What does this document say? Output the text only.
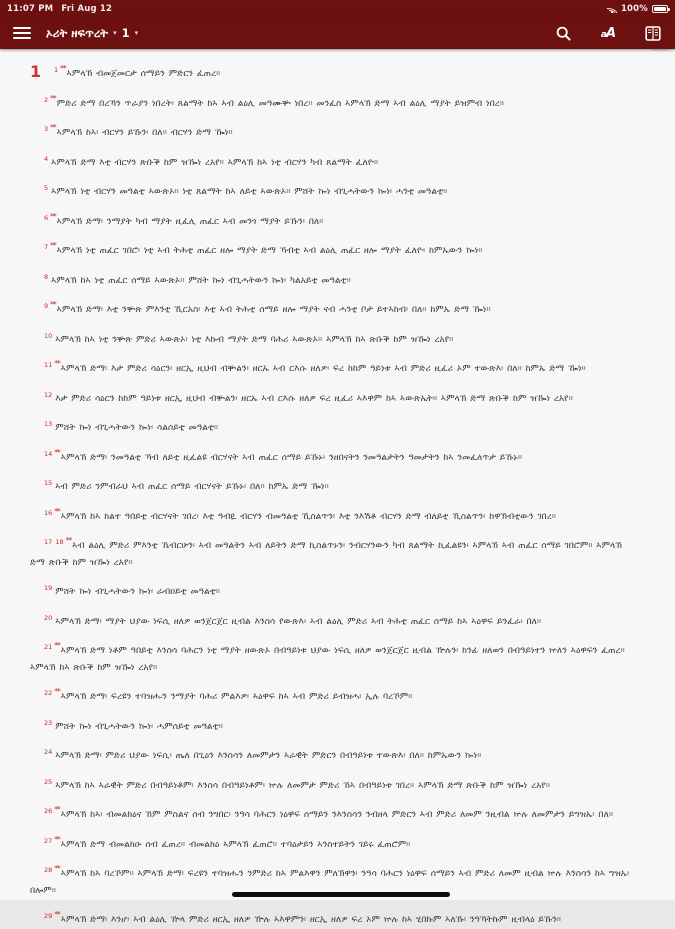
11:07 PM Fri Aug 12	100%
ኦሪት ዘፍጥረት ▾ 1 ▾	aA

1 $^1$ **ኣምላኽ ብመጀመርታ ሰማይን ምድርን ፈጠረ።

$^2$ **ምድሪ ድማ በረኻን ጥራያን ነበረት፡ ጸልማት ከኣ ኣብ ልዕሊ መዓሙቝ ነበረ። መንፈስ ኣምላኽ ድማ ኣብ ልዕሊ ማያት ይዝምብ ነበረ።

$^3$ **ኣምላኽ ከኣ፡ ብርሃን ይኹን፡ በለ። ብርሃን ድማ ዀነ።

$^4$ ኣምላኽ ድማ እቲ ብርሃን ጽቡቕ ከም ዝዀነ ረአየ። ኣምላኽ ከኣ ነቲ ብርሃን ካብ ጸልማት ፈለዮ።

$^5$ ኣምላኽ ነቲ ብርሃን መዓልቲ ኣውጽኦ። ነቲ ጸልማት ከኣ ለይቲ ኣውጽኦ። ምሸት ኰነ ብጊሓትውን ኰነ፡ ሓንቲ መዓልቲ።

$^6$ **ኣምላኽ ድማ፡ ንማያት ካብ ማያት ዚፈሊ ጠፈር ኣብ መንጎ ማያት ይኹን፡ በለ።

$^7$ **ኣምላኽ ነቲ ጠፈር ገበሮ፡ ነቲ ኣብ ትሕቲ ጠፈር ዘሎ ማያት ድማ ኻብቲ ኣብ ልዕሊ ጠፈር ዘሎ ማያት ፈለዮ፡ ከምኡውን ኰነ።

$^8$ ኣምላኽ ከኣ ነቲ ጠፈር ሰማይ ኣውጽኦ። ምሸት ኰነ ብጊሓትውን ኰነ፡ ካልአይቲ መዓልቲ።

$^9$ **ኣምላኽ ድማ፡ እቲ ንቝጽ ምእንቲ ኺርአስ፡ እቲ ኣብ ትሕቲ ሰማይ ዘሎ ማያት ናብ ሓንቲ ቦታ ይተኣከብ፡ በለ። ከምኡ ድማ ዀነ።

$^{10}$ ኣምላኽ ከኣ ነቲ ንቝጽ ምድሪ ኣውጽኦ፡ ነቲ እኩብ ማያት ድማ ባሕሪ ኣውጽኦ። ኣምላኽ ከኣ ጽቡቕ ከም ዝዀነ ረአየ።

$^{11}$ **ኣምላኽ ድማ፡ እታ ምድሪ ሳዕርን፡ ዘርኢ ዚህብ ብቝልን፡ ዘርኡ ኣብ ርእሱ ዘለዎ፡ ፍረ ከከም ዓይነቱ ኣብ ምድሪ ዚፈሪ ኦም ተውጽእ፡ በለ። ከምኡ ድማ ዀነ።

$^{12}$ እታ ምድሪ ሳዕርን ከከም ዓይነቱ ዘርኢ ዚህብ ብቝልን፡ ዘርኡ ኣብ ርእሱ ዘለዎ ፍረ ዚፈሪ ኣእዋም ከኣ ኣውጽኤት። ኣምላኽ ድማ ጽቡቕ ከም ዝዀነ ረአየ።

$^{13}$ ምሸት ኰነ ብጊሓትውን ኰነ፡ ሳልሰይቲ መዓልቲ።

$^{14}$ **ኣምላኽ ድማ፡ ንመዓልቲ ኻብ ለይቲ ዚፈልዩ ብርሃናት ኣብ ጠፈር ሰማይ ይኹኑ፡ ንዘበናትን ንመዓልታትን ዓመታትን ከኣ ንመፈለጥታ ይኹኑ።

$^{15}$ ኣብ ምድሪ ንምብራህ ኣብ ጠፈር ሰማይ ብርሃናት ይኹኑ፡ በለ። ከምኡ ድማ ዀነ።

$^{16}$ **ኣምላኽ ከኣ ክልተ ዓበይቲ ብርሃናት ገበረ፡ እቲ ዓብዪ ብርሃን ብመዓልቲ ኺስልጥን፡ እቲ ንእሽቶ ብርሃን ድማ ብለይቲ ኺስልጥን፡ ከዋኽብቲውን ገበረ።

$^{17 18}$ **ኣብ ልዕሊ ምድሪ ምእንቲ ኼብርሁን፡ ኣብ መዓልትን ኣብ ለይትን ድማ ኪስልጥኑን፡ ንብርሃንውን ካብ ጸልማት ኪፈልዩን፡ ኣምላኽ ኣብ ጠፈር ሰማይ ገበሮም። ኣምላኽ ድማ ጽቡቕ ከም ዝዀነ ረአየ።

$^{19}$ ምሸት ኰነ ብጊሓትውን ኰነ፡ ራብዐይቲ መዓልቲ።

$^{20}$ ኣምላኽ ድማ፡ ማያት ህያው ነፍሲ ዘለዎ ወንጀርጀር ዚብል እንስሳ የውጽእ፡ ኣብ ልዕሊ ምድሪ ኣብ ትሕቲ ጠፈር ሰማይ ከኣ ኣዕዋፍ ይንፈራ፡ በለ።

$^{21}$ **ኣምላኽ ድማ ነቶም ዓበይቲ እንስሳ ባሕርን ነቲ ማያት ዘውጽኦ በብዓይነቱ ህያው ነፍሲ ዘለዎ ወንጀርጀር ዚብል ዅሉን፡ ክንፊ ዘለወን በብዓይነተን ኵለን ኣዕዋፍን ፈጠረ። ኣምላኽ ከኣ ጽቡቕ ከም ዝዀነ ረአየ።

$^{22}$ **ኣምላኽ ድማ፡ ፍረዩን ተባዝሑን ንማያት ባሕሪ ምልእዎ፡ ኣዕዋፍ ከኣ ኣብ ምድሪ ይብዝሓ፡ ኢሉ ባረኾም።

$^{23}$ ምሸት ኰነ ብጊሓትውን ኰነ፡ ሓምሰይቲ መዓልቲ።

$^{24}$ ኣምላኽ ድማ፡ ምድሪ ህያው ነፍሲ፡ ጤለ በጊዕን እንስሳን ለመምታን ኣራዊት ምድርን በብዓይነቱ ተውጽእ፡ በለ። ከምኡውን ኰነ።

$^{25}$ ኣምላኽ ከኣ ኣራዊት ምድሪ በብዓይነቶም፡ እንስሳ በብዓይነቶም፡ ኵሉ ለመምታ ምድሪ ኸኣ በብዓይነቱ ገበረ። ኣምላኽ ድማ ጽቡቕ ከም ዝዀነ ረአየ።

$^{26}$ **ኣምላኽ ከኣ፡ ብመልክዕና ኸም ምስልና ሰብ ንግበር፡ ንዓሳ ባሕርን ነዕዋፍ ሰማይን ንእንስሳን ንብዘላ ምድርን ኣብ ምድሪ ለመም ንዚብል ኵሉ ለመምታን ይግዝኡ፡ በለ።

$^{27}$ **ኣምላኽ ድማ ብመልክዑ ሰብ ፈጠረ። ብመልክዕ ኣምላኽ ፈጠሮ። ተባዕታይን ኣንስተይትን ገይሩ ፈጠሮም።

$^{28}$ **ኣምላኽ ከኣ ባረኾም። ኣምላኽ ድማ፡ ፍረዩን ተባዝሑን ንምድሪ ከኣ ምልእዋን ምለኽዋን፡ ንዓሳ ባሕርን ነዕዋፍ ሰማይን ኣብ ምድሪ ለመም ዚብል ኵሉ እንስሳን ከኣ ግዝኡ፡ በሎም።

$^{29}$ **ኣምላኽ ድማ፡ እንሆ፡ ኣብ ልዕሊ ዅላ ምድሪ ዘርኢ ዘለዎ ዅሉ ኣእዋምን፡ ዘርኢ ዘለዎ ፍረ ኦም ኵሉ ከኣ ሂበኩም ኣለኹ፡ ንዓኻትኩም ዚብላዕ ይኹን።
